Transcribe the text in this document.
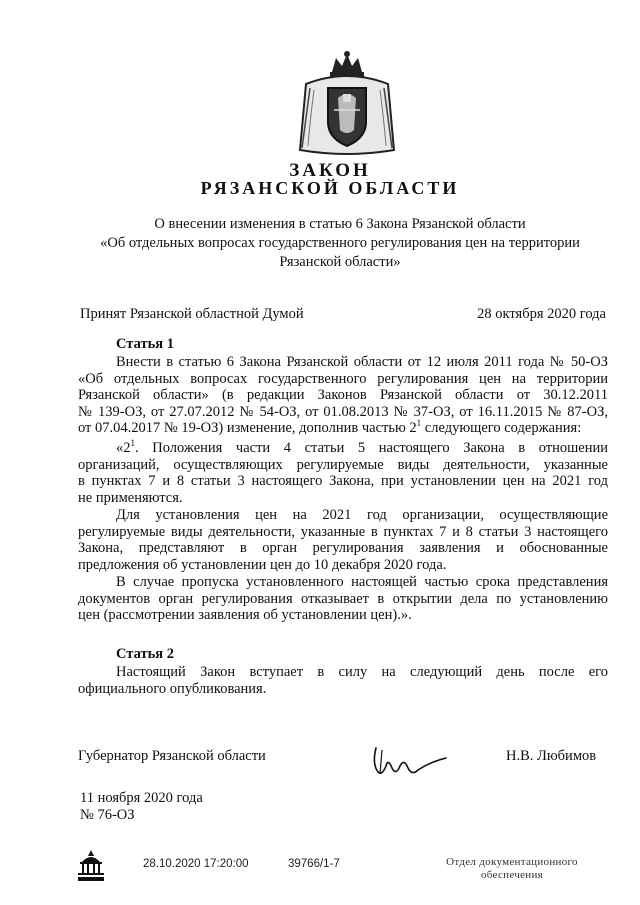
ЗАКОН
РЯЗАНСКОЙ ОБЛАСТИ
О внесении изменения в статью 6 Закона Рязанской области
«Об отдельных вопросах государственного регулирования цен на территории
Рязанской области»
Принят Рязанской областной Думой	28 октября 2020 года
Статья 1
Внести в статью 6 Закона Рязанской области от 12 июля 2011 года № 50-ОЗ
«Об отдельных вопросах государственного регулирования цен на территории
Рязанской области» (в редакции Законов Рязанской области от 30.12.2011
№ 139-ОЗ, от 27.07.2012 № 54-ОЗ, от 01.08.2013 № 37-ОЗ, от 16.11.2015 № 87-ОЗ,
от 07.04.2017 № 19-ОЗ) изменение, дополнив частью $2^1$ следующего содержания:
«$2^1$. Положения части 4 статьи 5 настоящего Закона в отношении
организаций, осуществляющих регулируемые виды деятельности, указанные
в пунктах 7 и 8 статьи 3 настоящего Закона, при установлении цен на 2021 год
не применяются.
Для установления цен на 2021 год организации, осуществляющие
регулируемые виды деятельности, указанные в пунктах 7 и 8 статьи 3 настоящего
Закона, представляют в орган регулирования заявления и обоснованные
предложения об установлении цен до 10 декабря 2020 года.
В случае пропуска установленного настоящей частью срока представления
документов орган регулирования отказывает в открытии дела по установлению
цен (рассмотрении заявления об установлении цен).».
Статья 2
Настоящий Закон вступает в силу на следующий день после его
официального опубликования.
Губернатор Рязанской области	Н.В. Любимов
11 ноября 2020 года
№ 76-ОЗ
28.10.2020 17:20:00	39766/1-7	Отдел документационного
обеспечения
